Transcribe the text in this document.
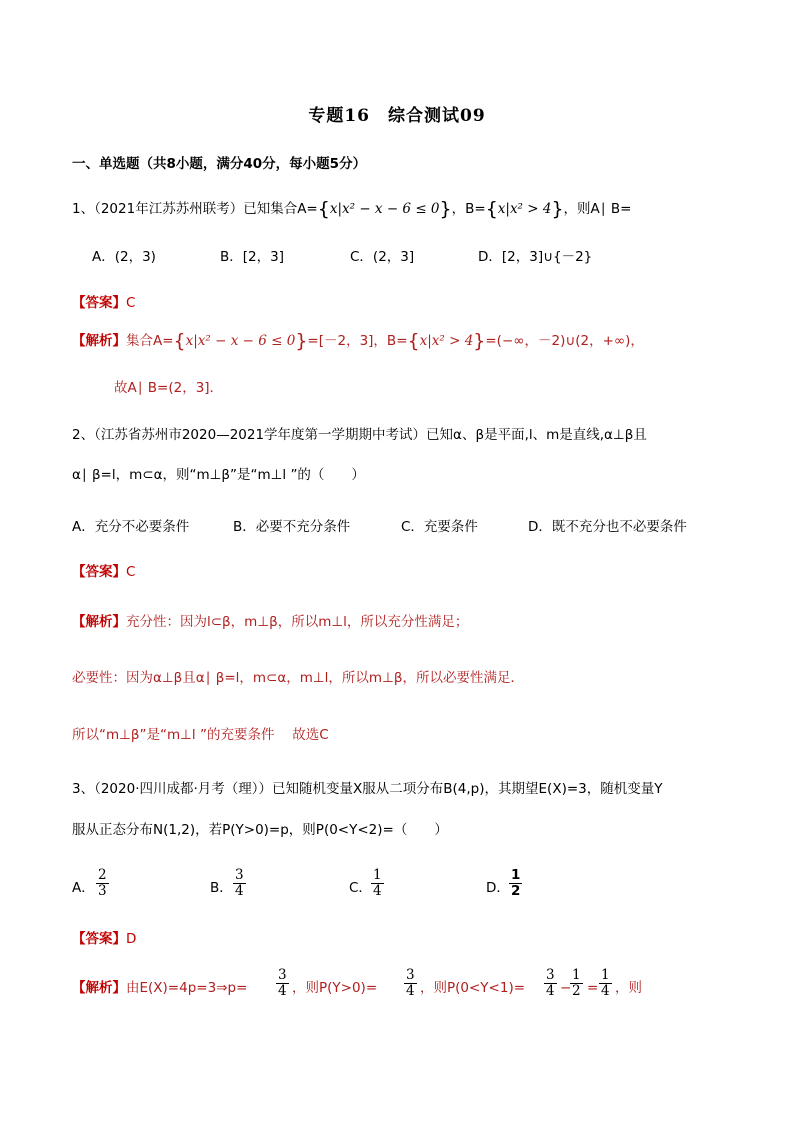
专题16　综合测试09
一、单选题（共8小题，满分40分，每小题5分）
1、（2021年江苏苏州联考）已知集合A={x|x² − x − 6 ≤ 0}，B={x|x² > 4}，则A∣ B=
A．(2，3)	B．[2，3]	C．(2，3]	D．[2，3]∪{－2}
【答案】C
【解析】集合A={x|x² − x − 6 ≤ 0}=[－2，3]，B={x|x² > 4}=(−∞，－2)∪(2，+∞)，
故A∣ B=(2，3]．
2、（江苏省苏州市2020—2021学年度第一学期期中考试）已知α、β是平面,l、m是直线,α⊥β且
α∣ β=l，m⊂α，则“m⊥β”是“m⊥l ”的（　　）
A．充分不必要条件	B．必要不充分条件	C．充要条件	D．既不充分也不必要条件
【答案】C
【解析】充分性：因为l⊂β，m⊥β，所以m⊥l，所以充分性满足；
必要性：因为α⊥β且α∣ β=l，m⊂α，m⊥l，所以m⊥β，所以必要性满足．
所以“m⊥β”是“m⊥l ”的充要条件　 故选C
3、（2020·四川成都·月考（理））已知随机变量X服从二项分布B(4,p)，其期望E(X)=3，随机变量Y
服从正态分布N(1,2)，若P(Y>0)=p，则P(0<Y<2)=（　　）
A． $\frac{2}{3}$	B． $\frac{3}{4}$	C． $\frac{1}{4}$	D． $\frac{1}{2}$
【答案】D
【解析】由E(X)=4p=3⇒p= $\frac{3}{4}$ ，则$P(Y>0)= \frac{3}{4}$ ，则$P(0<Y<1)= \frac{3}{4}$ −
$\frac{1}{2} = \frac{1}{4}$ ，则
